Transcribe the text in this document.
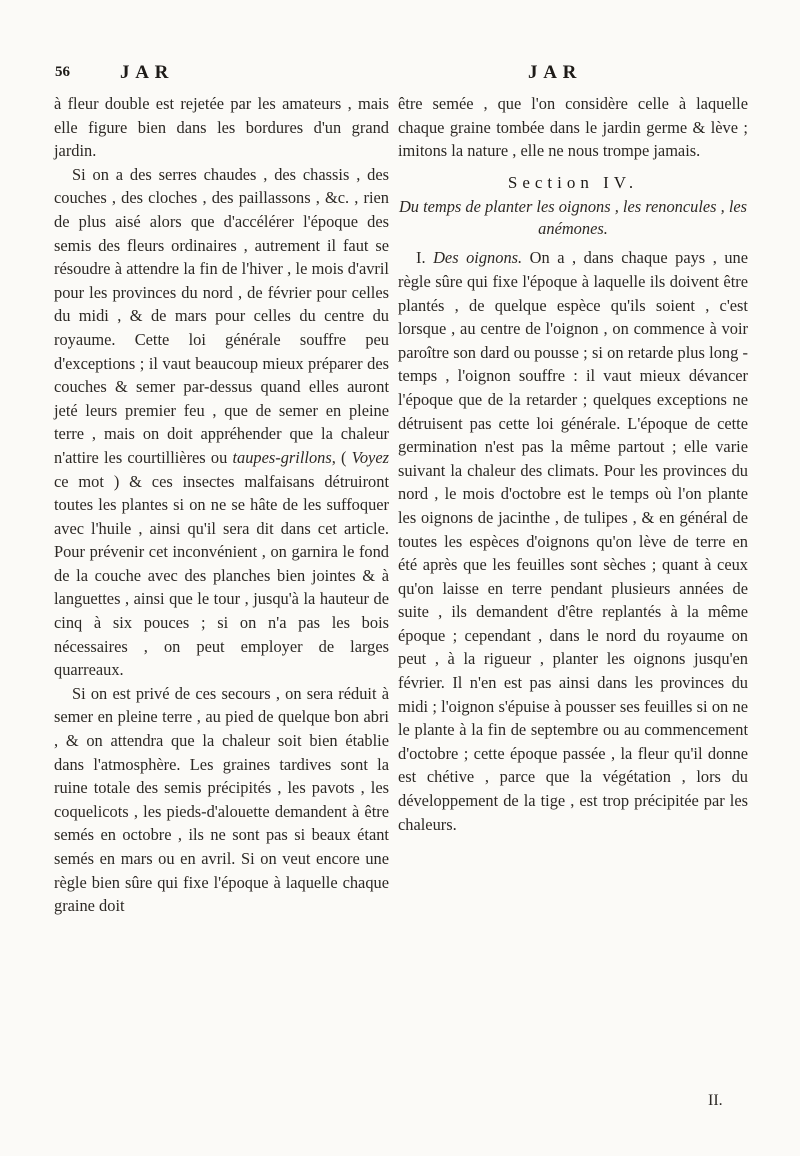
56	J A R	J A R

à fleur double est rejetée par les amateurs , mais elle figure bien dans les bordures d'un grand jardin.

Si on a des serres chaudes , des chassis , des couches , des cloches , des paillassons , &c. , rien de plus aisé alors que d'accélérer l'époque des semis des fleurs ordinaires , autrement il faut se résoudre à attendre la fin de l'hiver , le mois d'avril pour les provinces du nord , de février pour celles du midi , & de mars pour celles du centre du royaume. Cette loi générale souffre peu d'exceptions ; il vaut beaucoup mieux préparer des couches & semer par-dessus quand elles auront jeté leurs premier feu , que de semer en pleine terre , mais on doit appréhender que la chaleur n'attire les courtillières ou taupes-grillons, ( Voyez ce mot ) & ces insectes malfaisans détruiront toutes les plantes si on ne se hâte de les suffoquer avec l'huile , ainsi qu'il sera dit dans cet article. Pour prévenir cet inconvénient , on garnira le fond de la couche avec des planches bien jointes & à languettes , ainsi que le tour , jusqu'à la hauteur de cinq à six pouces ; si on n'a pas les bois nécessaires , on peut employer de larges quarreaux.

Si on est privé de ces secours , on sera réduit à semer en pleine terre , au pied de quelque bon abri , & on attendra que la chaleur soit bien établie dans l'atmosphère. Les graines tardives sont la ruine totale des semis précipités , les pavots , les coquelicots , les pieds-d'alouette demandent à être semés en octobre , ils ne sont pas si beaux étant semés en mars ou en avril. Si on veut encore une règle bien sûre qui fixe l'époque à laquelle chaque graine doit

être semée , que l'on considère celle à laquelle chaque graine tombée dans le jardin germe & lève ; imitons la nature , elle ne nous trompe jamais.

Section IV.
Du temps de planter les oignons , les renoncules , les anémones.

I. Des oignons. On a , dans chaque pays , une règle sûre qui fixe l'époque à laquelle ils doivent être plantés , de quelque espèce qu'ils soient , c'est lorsque , au centre de l'oignon , on commence à voir paroître son dard ou pousse ; si on retarde plus long - temps , l'oignon souffre : il vaut mieux dévancer l'époque que de la retarder ; quelques exceptions ne détruisent pas cette loi générale. L'époque de cette germination n'est pas la même partout ; elle varie suivant la chaleur des climats. Pour les provinces du nord , le mois d'octobre est le temps où l'on plante les oignons de jacinthe , de tulipes , & en général de toutes les espèces d'oignons qu'on lève de terre en été après que les feuilles sont sèches ; quant à ceux qu'on laisse en terre pendant plusieurs années de suite , ils demandent d'être replantés à la même époque ; cependant , dans le nord du royaume on peut , à la rigueur , planter les oignons jusqu'en février. Il n'en est pas ainsi dans les provinces du midi ; l'oignon s'épuise à pousser ses feuilles si on ne le plante à la fin de septembre ou au commencement d'octobre ; cette époque passée , la fleur qu'il donne est chétive , parce que la végétation , lors du développement de la tige , est trop précipitée par les chaleurs.

II.
